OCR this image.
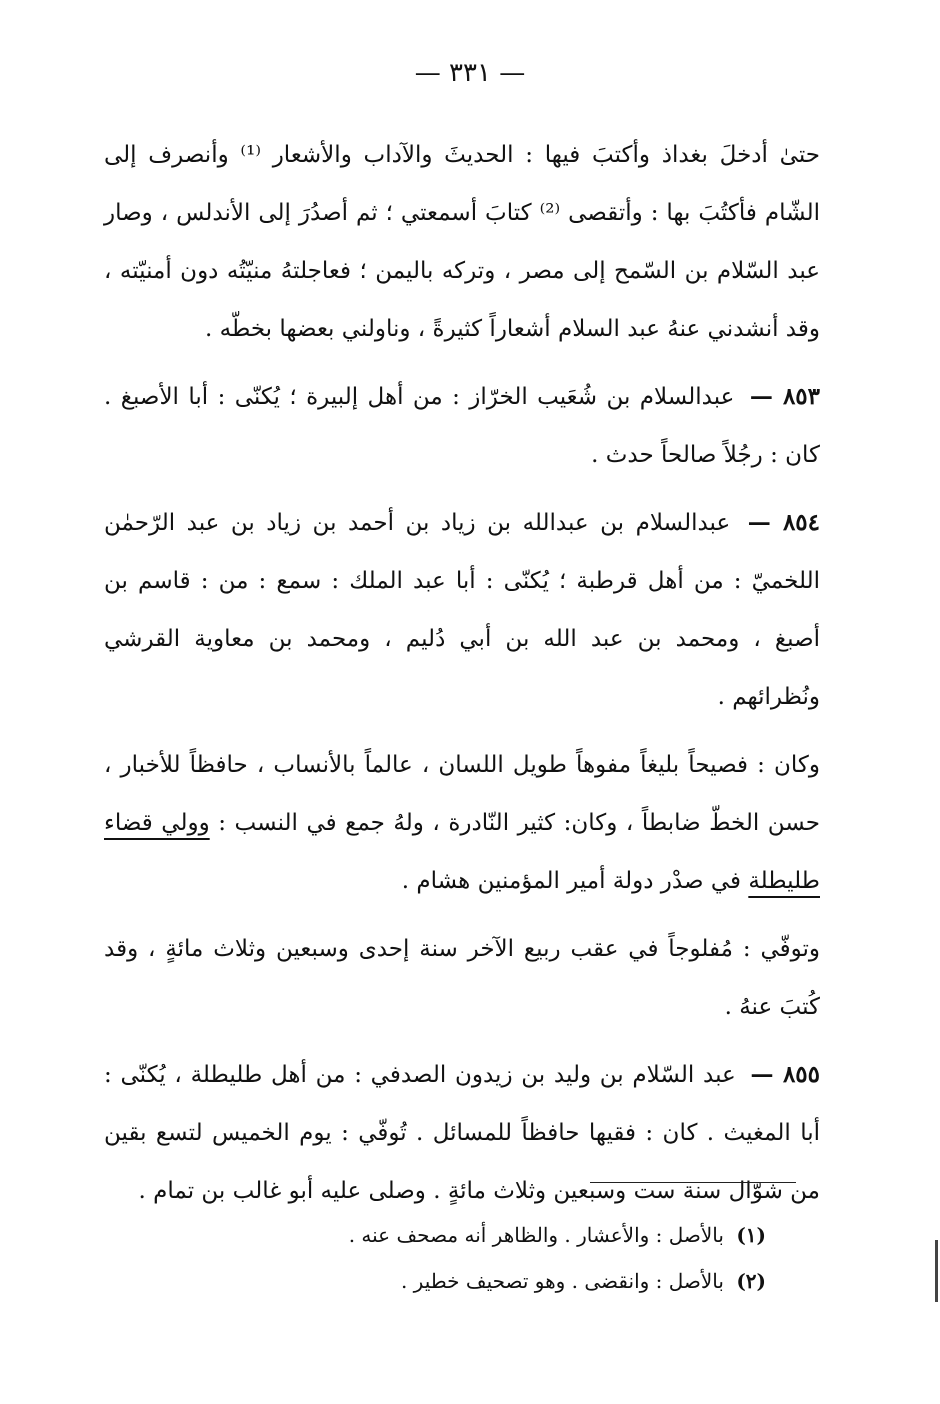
— ٣٣١ —

حتىٰ أدخلَ بغداذ وأكتبَ فيها : الحديثَ والآداب والأشعار ⁽¹⁾ وأنصرف إلى الشّام فأكتُبَ بها : وأتقصى ⁽²⁾ كتابَ أسمعتي ؛ ثم أصدُرَ إلى الأندلس ، وصار عبد السّلام بن السّمح إلى مصر ، وتركه باليمن ؛ فعاجلتهُ منيّتُه دون أمنيّته ، وقد أنشدني عنهُ عبد السلام أشعاراً كثيرةً ، وناولني بعضها بخطّه .

٨٥٣ — عبدالسلام بن شُعَيب الخرّاز : من أهل إلبيرة ؛ يُكنّى : أبا الأصبغ . كان : رجُلاً صالحاً حدث .

٨٥٤ — عبدالسلام بن عبدالله بن زياد بن أحمد بن زياد بن عبد الرّحمٰن اللخميّ : من أهل قرطبة ؛ يُكنّى : أبا عبد الملك : سمع : من : قاسم بن أصبغ ، ومحمد بن عبد الله بن أبي دُليم ، ومحمد بن معاوية القرشي ونُظرائهم .

وكان : فصيحاً بليغاً مفوهاً طويل اللسان ، عالماً بالأنساب ، حافظاً للأخبار ، حسن الخطّ ضابطاً ، وكان: كثير النّادرة ، ولهُ جمع في النسب : وولي قضاء طليطلة في صدْر دولة أمير المؤمنين هشام .

وتوفّي : مُفلوجاً في عقب ربيع الآخر سنة إحدى وسبعين وثلاث مائةٍ ، وقد كُتبَ عنهُ .

٨٥٥ — عبد السّلام بن وليد بن زيدون الصدفي : من أهل طليطلة ، يُكنّى : أبا المغيث . كان : فقيها حافظاً للمسائل . تُوفّي : يوم الخميس لتسع بقين من شوّال سنة ست وسبعين وثلاث مائةٍ . وصلى عليه أبو غالب بن تمام .

(١) بالأصل : والأعشار . والظاهر أنه مصحف عنه .

(٢) بالأصل : وانقضى . وهو تصحيف خطير .
